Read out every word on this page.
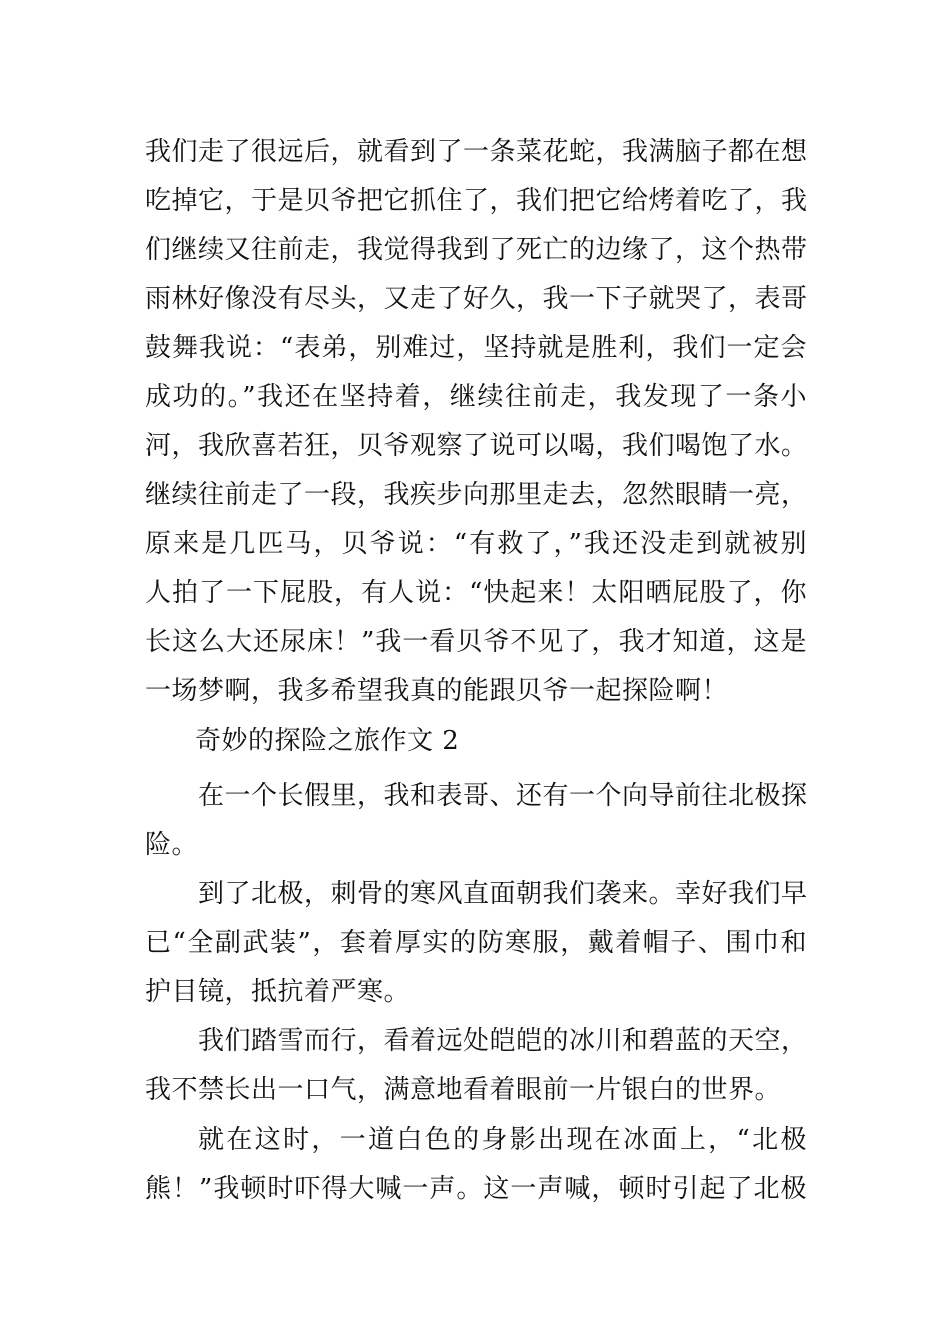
我们走了很远后，就看到了一条菜花蛇，我满脑子都在想
吃掉它，于是贝爷把它抓住了，我们把它给烤着吃了，我
们继续又往前走，我觉得我到了死亡的边缘了，这个热带
雨林好像没有尽头，又走了好久，我一下子就哭了，表哥
鼓舞我说：“表弟，别难过，坚持就是胜利，我们一定会
成功的。”我还在坚持着，继续往前走，我发现了一条小
河，我欣喜若狂，贝爷观察了说可以喝，我们喝饱了水。
继续往前走了一段，我疾步向那里走去，忽然眼睛一亮，
原来是几匹马，贝爷说：“有救了，”我还没走到就被别
人拍了一下屁股，有人说：“快起来！太阳晒屁股了，你
长这么大还尿床！”我一看贝爷不见了，我才知道，这是
一场梦啊，我多希望我真的能跟贝爷一起探险啊！
奇妙的探险之旅作文 2
在一个长假里，我和表哥、还有一个向导前往北极探
险。
到了北极，刺骨的寒风直面朝我们袭来。幸好我们早
已“全副武装”，套着厚实的防寒服，戴着帽子、围巾和
护目镜，抵抗着严寒。
我们踏雪而行，看着远处皑皑的冰川和碧蓝的天空，
我不禁长出一口气，满意地看着眼前一片银白的世界。
就在这时，一道白色的身影出现在冰面上，“北极
熊！”我顿时吓得大喊一声。这一声喊，顿时引起了北极
